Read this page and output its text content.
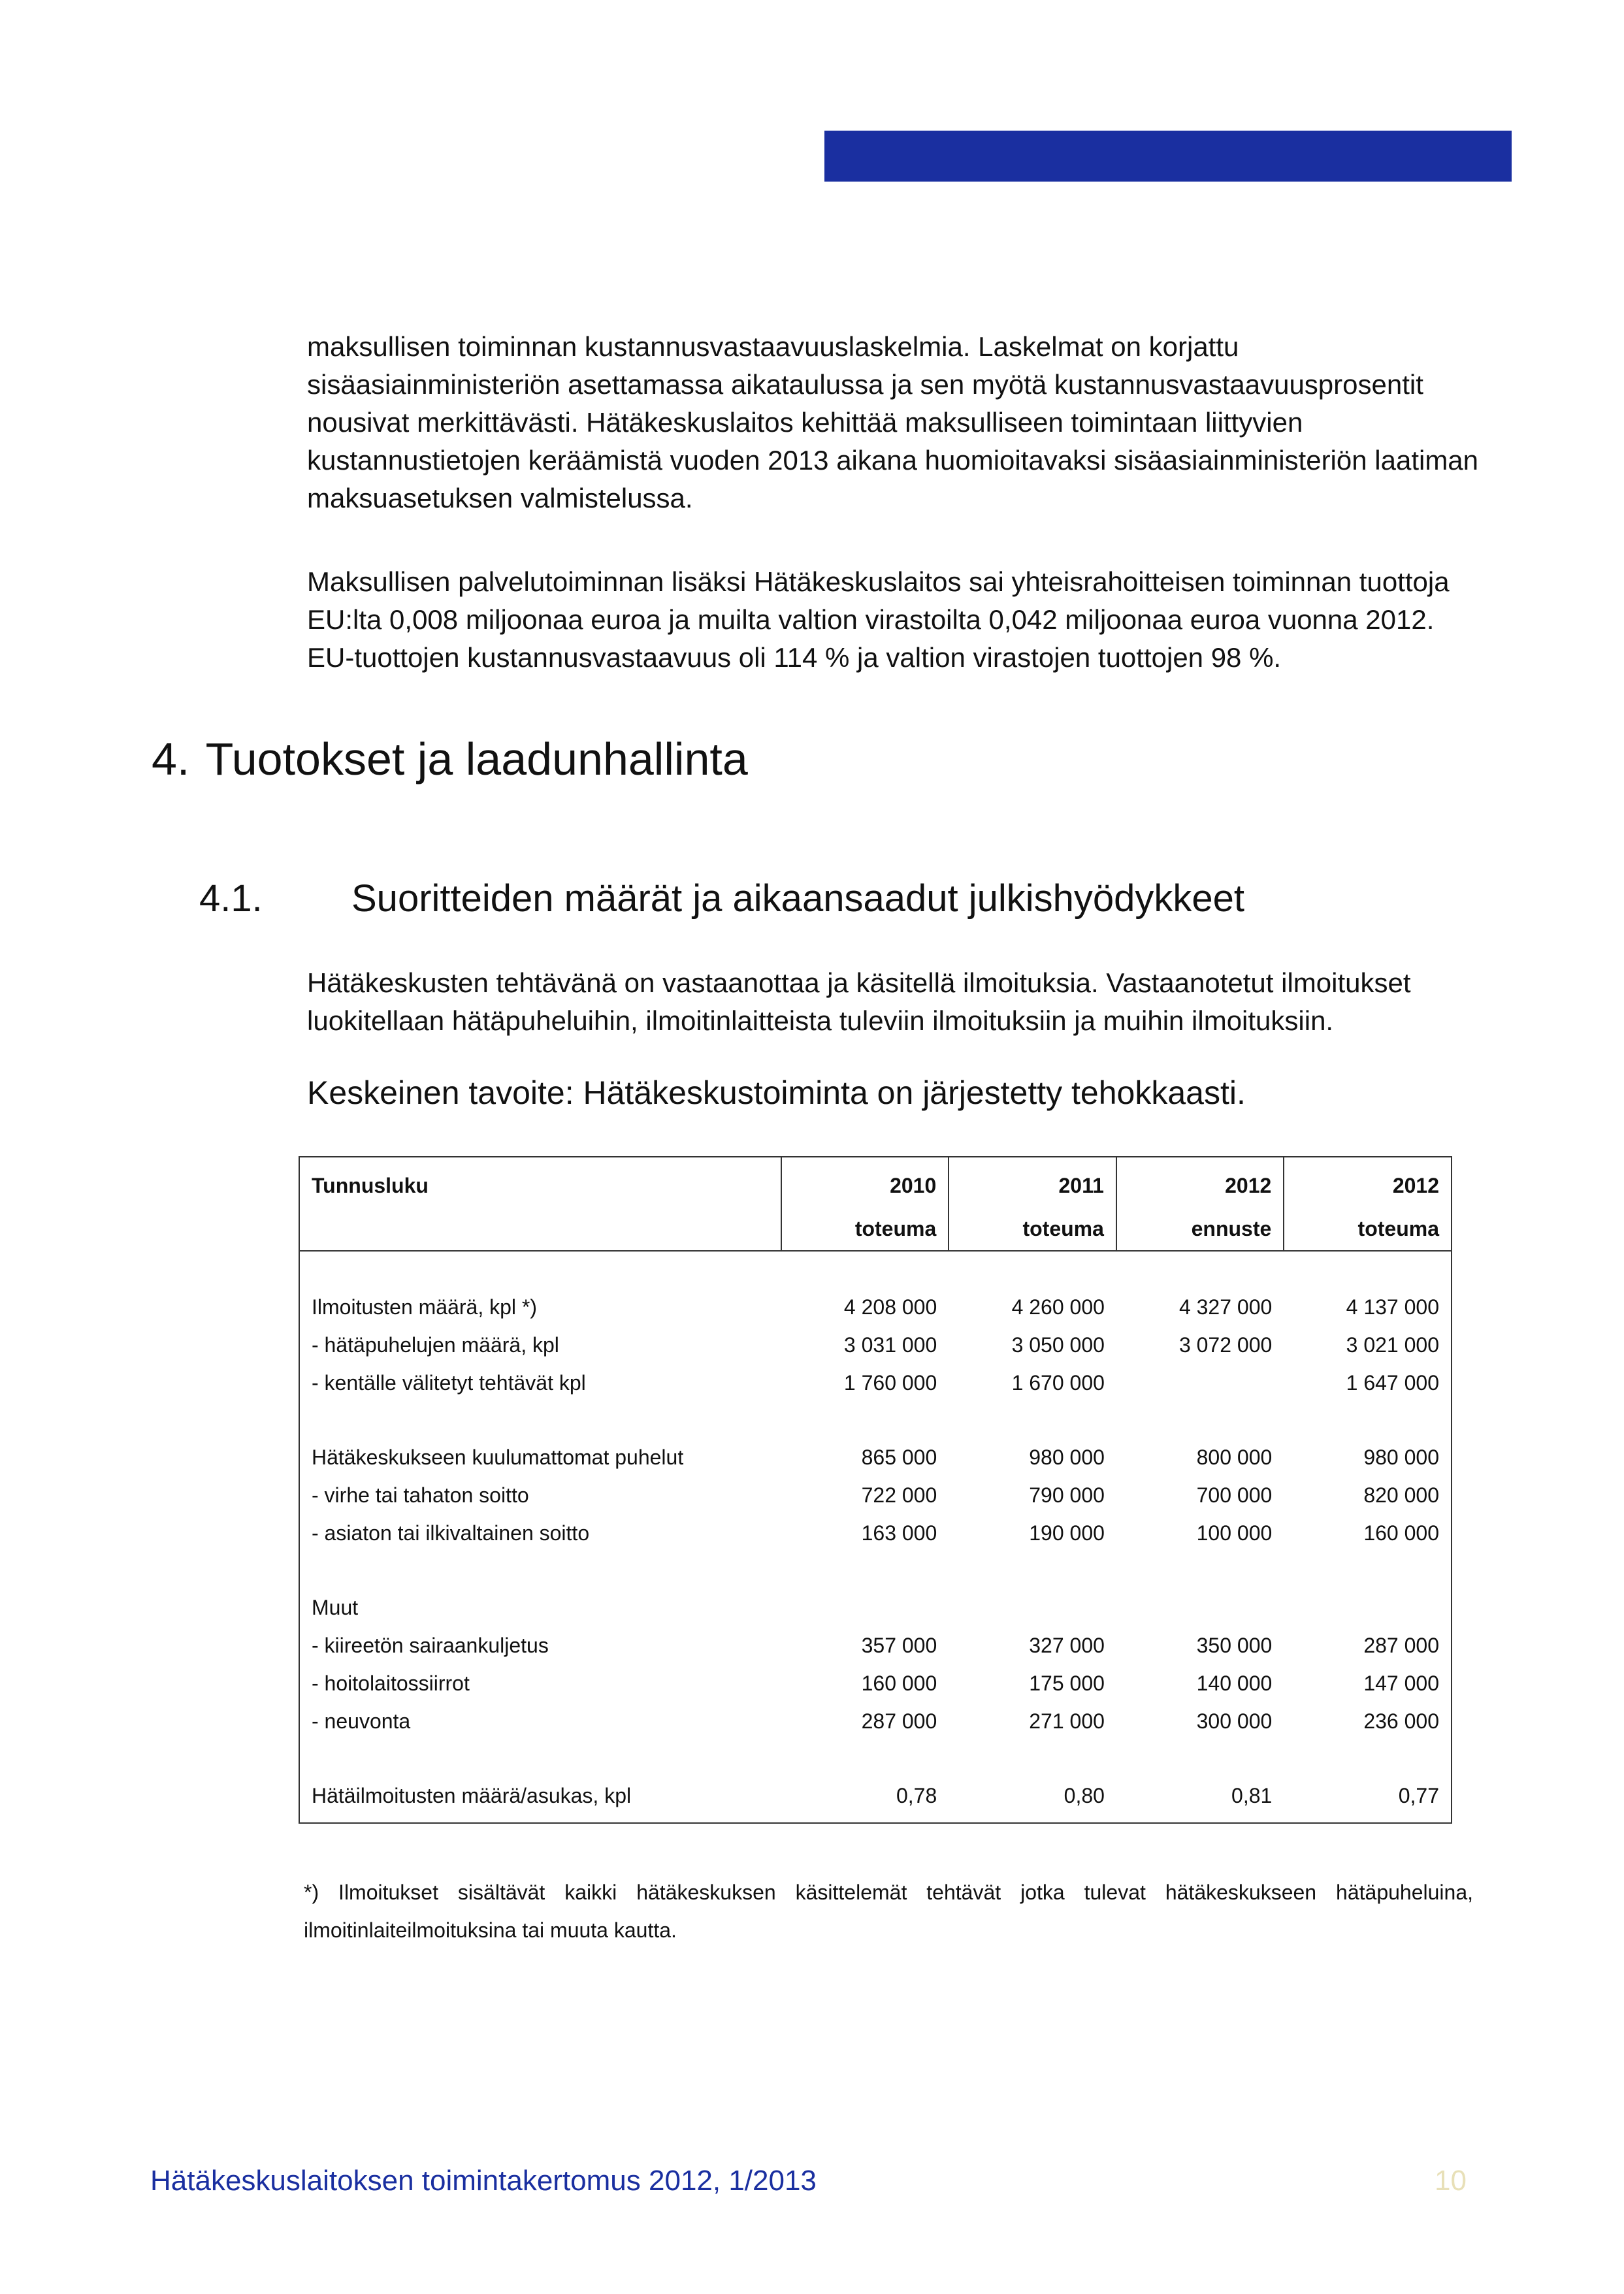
maksullisen toiminnan kustannusvastaavuuslaskelmia. Laskelmat on korjattu sisäasiainministeriön asettamassa aikataulussa ja sen myötä kustannusvastaavuusprosentit nousivat merkittävästi. Hätäkeskuslaitos kehittää maksulliseen toimintaan liittyvien kustannustietojen keräämistä vuoden 2013 aikana huomioitavaksi sisäasiainministeriön laatiman maksuasetuksen valmistelussa.

Maksullisen palvelutoiminnan lisäksi Hätäkeskuslaitos sai yhteisrahoitteisen toiminnan tuottoja EU:lta 0,008 miljoonaa euroa ja muilta valtion virastoilta 0,042 miljoonaa euroa vuonna 2012. EU-tuottojen kustannusvastaavuus oli 114 % ja valtion virastojen tuottojen 98 %.

4. Tuotokset ja laadunhallinta
4.1. Suoritteiden määrät ja aikaansaadut julkishyödykkeet

Hätäkeskusten tehtävänä on vastaanottaa ja käsitellä ilmoituksia. Vastaanotetut ilmoitukset luokitellaan hätäpuheluihin, ilmoitinlaitteista tuleviin ilmoituksiin ja muihin ilmoituksiin.

Keskeinen tavoite: Hätäkeskustoiminta on järjestetty tehokkaasti.
Tunnusluku	2010	2011	2012	2012
	toteuma	toteuma	ennuste	toteuma

Ilmoitusten määrä, kpl *)	4 208 000	4 260 000	4 327 000	4 137 000
- hätäpuhelujen määrä, kpl	3 031 000	3 050 000	3 072 000	3 021 000
- kentälle välitetyt tehtävät kpl	1 760 000	1 670 000		1 647 000

Hätäkeskukseen kuulumattomat puhelut	865 000	980 000	800 000	980 000
- virhe tai tahaton soitto	722 000	790 000	700 000	820 000
- asiaton tai ilkivaltainen soitto	163 000	190 000	100 000	160 000

Muut				
- kiireetön sairaankuljetus	357 000	327 000	350 000	287 000
- hoitolaitossiirrot	160 000	175 000	140 000	147 000
- neuvonta	287 000	271 000	300 000	236 000

Hätäilmoitusten määrä/asukas, kpl	0,78	0,80	0,81	0,77

*) Ilmoitukset sisältävät kaikki hätäkeskuksen käsittelemät tehtävät jotka tulevat hätäkeskukseen hätäpuheluina, ilmoitinlaiteilmoituksina tai muuta kautta.

Hätäkeskuslaitoksen toimintakertomus 2012, 1/2013	10
